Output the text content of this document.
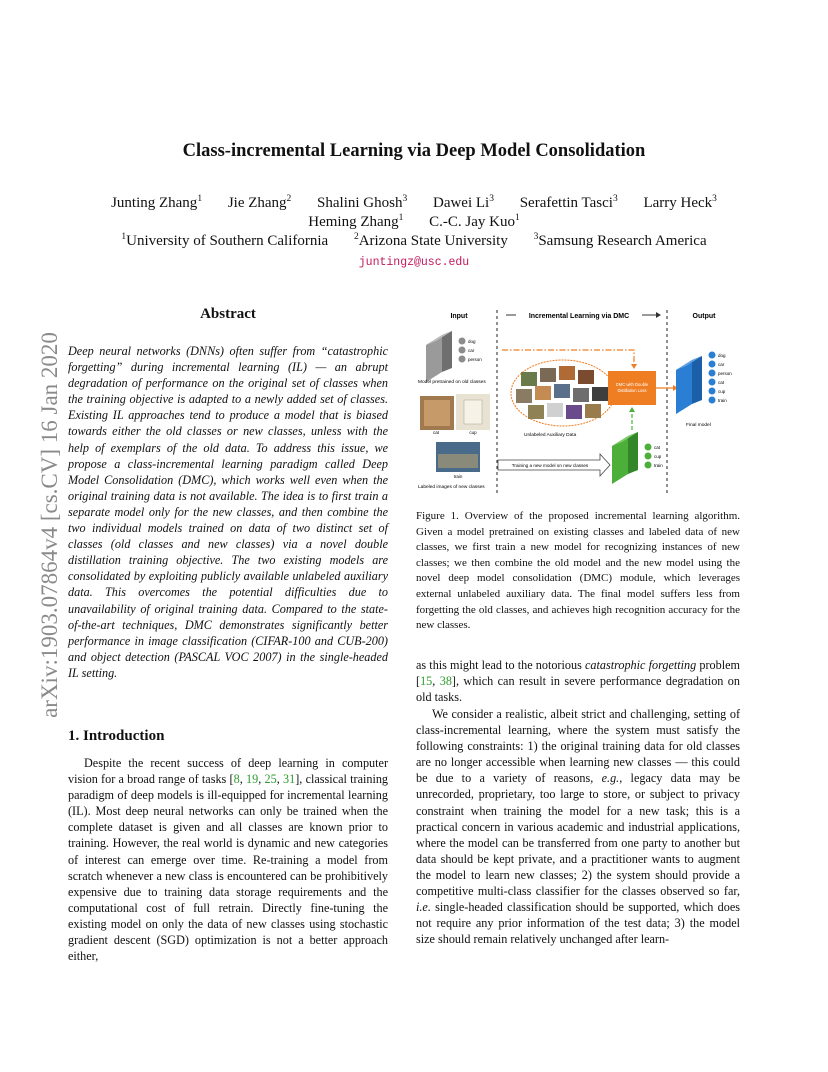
Class-incremental Learning via Deep Model Consolidation
Junting Zhang$^1$ Jie Zhang$^2$ Shalini Ghosh$^3$ Dawei Li$^3$ Serafettin Tasci$^3$ Larry Heck$^3$
Heming Zhang$^1$ C.-C. Jay Kuo$^1$
$^1$University of Southern California	$^2$Arizona State University	$^3$Samsung Research America
juntingz@usc.edu
arXiv:1903.07864v4 [cs.CV] 16 Jan 2020
Abstract
Deep neural networks (DNNs) often suffer from “catastrophic forgetting” during incremental learning (IL) — an abrupt degradation of performance on the original set of classes when the training objective is adapted to a newly added set of classes. Existing IL approaches tend to produce a model that is biased towards either the old classes or new classes, unless with the help of exemplars of the old data. To address this issue, we propose a class-incremental learning paradigm called Deep Model Consolidation (DMC), which works well even when the original training data is not available. The idea is to first train a separate model only for the new classes, and then combine the two individual models trained on data of two distinct set of classes (old classes and new classes) via a novel double distillation training objective. The two existing models are consolidated by exploiting publicly available unlabeled auxiliary data. This overcomes the potential difficulties due to unavailability of original training data. Compared to the state-of-the-art techniques, DMC demonstrates significantly better performance in image classification (CIFAR-100 and CUB-200) and object detection (PASCAL VOC 2007) in the single-headed IL setting.
1. Introduction
Despite the recent success of deep learning in computer vision for a broad range of tasks [8, 19, 25, 31], classical training paradigm of deep models is ill-equipped for incremental learning (IL). Most deep neural networks can only be trained when the complete dataset is given and all classes are known prior to training. However, the real world is dynamic and new categories of interest can emerge over time. Re-training a model from scratch whenever a new class is encountered can be prohibitively expensive due to training data storage requirements and the computational cost of full retrain. Directly fine-tuning the existing model on only the data of new classes using stochastic gradient descent (SGD) optimization is not a better approach either,
Input	Incremental Learning via DMC	Output
dog
car
person
Model pretrained on old classes
Unlabeled Auxiliary Data
DMC with Double
Distillation Loss
dog
car
person
cat
cup
train
Final model
cat	cup
train
Labeled images of new classes
Training a new model on new classes
cat
cup
train
Figure 1. Overview of the proposed incremental learning algorithm. Given a model pretrained on existing classes and labeled data of new classes, we first train a new model for recognizing instances of new classes; we then combine the old model and the new model using the novel deep model consolidation (DMC) module, which leverages external unlabeled auxiliary data. The final model suffers less from forgetting the old classes, and achieves high recognition accuracy for the new classes.
as this might lead to the notorious catastrophic forgetting problem [15, 38], which can result in severe performance degradation on old tasks.
We consider a realistic, albeit strict and challenging, setting of class-incremental learning, where the system must satisfy the following constraints: 1) the original training data for old classes are no longer accessible when learning new classes — this could be due to a variety of reasons, e.g., legacy data may be unrecorded, proprietary, too large to store, or subject to privacy constraint when training the model for a new task; this is a practical concern in various academic and industrial applications, where the model can be transferred from one party to another but data should be kept private, and a practitioner wants to augment the model to learn new classes; 2) the system should provide a competitive multi-class classifier for the classes observed so far, i.e. single-headed classification should be supported, which does not require any prior information of the test data; 3) the model size should remain relatively unchanged after learn-
